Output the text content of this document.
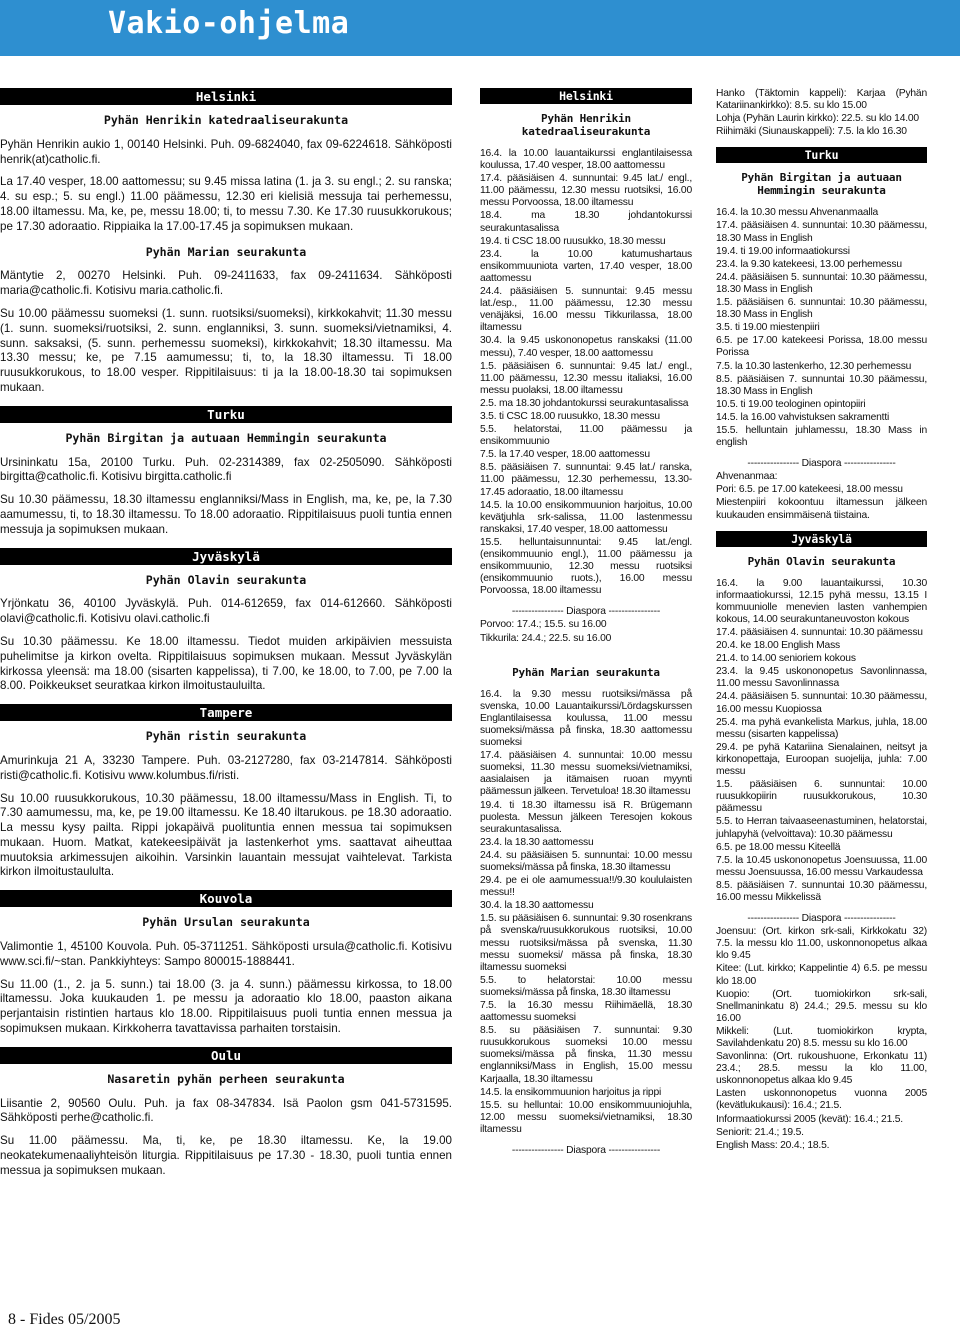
Vakio-ohjelma
Helsinki
Pyhän Henrikin katedraaliseurakunta

Pyhän Henrikin aukio 1, 00140 Helsinki. Puh. 09-6824040, fax 09-6224618. Sähköposti henrik(at)catholic.fi.

La 17.40 vesper, 18.00 aattomessu; su 9.45 missa latina (1. ja 3. su engl.; 2. su ranska; 4. su esp.; 5. su engl.) 11.00 päämessu, 12.30 eri kielisiä messuja tai perhemessu, 18.00 iltamessu. Ma, ke, pe, messu 18.00; ti, to messu 7.30. Ke 17.30 ruusukkorukous; pe 17.30 adoraatio. Rippiaika la 17.00-17.45 ja sopimuksen mukaan.

Pyhän Marian seurakunta

Mäntytie 2, 00270 Helsinki. Puh. 09-2411633, fax 09-2411634. Sähköposti maria@catholic.fi. Kotisivu maria.catholic.fi.

Su 10.00 päämessu suomeksi (1. sunn. ruotsiksi/suomeksi), kirkkokahvit; 11.30 messu (1. sunn. suomeksi/ruotsiksi, 2. sunn. englanniksi, 3. sunn. suomeksi/vietnamiksi, 4. sunn. saksaksi, (5. sunn. perhemessu suomeksi), kirkkokahvit; 18.30 iltamessu. Ma 13.30 messu; ke, pe 7.15 aamumessu; ti, to, la 18.30 iltamessu. Ti 18.00 ruusukkorukous, to 18.00 vesper. Rippitilaisuus: ti ja la 18.00-18.30 tai sopimuksen mukaan.

Turku
Pyhän Birgitan ja autuaan Hemmingin seurakunta

Ursininkatu 15a, 20100 Turku. Puh. 02-2314389, fax 02-2505090. Sähköposti birgitta@catholic.fi. Kotisivu birgitta.catholic.fi

Su 10.30 päämessu, 18.30 iltamessu englanniksi/Mass in English, ma, ke, pe, la 7.30 aamumessu, ti, to 18.30 iltamessu. To 18.00 adoraatio. Rippitilaisuus puoli tuntia ennen messuja ja sopimuksen mukaan.

Jyväskylä
Pyhän Olavin seurakunta

Yrjönkatu 36, 40100 Jyväskylä. Puh. 014-612659, fax 014-612660. Sähköposti olavi@catholic.fi. Kotisivu olavi.catholic.fi

Su 10.30 päämessu. Ke 18.00 iltamessu. Tiedot muiden arkipäivien messuista puhelimitse ja kirkon ovelta. Rippitilaisuus sopimuksen mukaan. Messut Jyväskylän kirkossa yleensä: ma 18.00 (sisarten kappelissa), ti 7.00, ke 18.00, to 7.00, pe 7.00 la 8.00. Poikkeukset seuratkaa kirkon ilmoitustauluilta.

Tampere
Pyhän ristin seurakunta

Amurinkuja 21 A, 33230 Tampere. Puh. 03-2127280, fax 03-2147814. Sähköposti risti@catholic.fi. Kotisivu www.kolumbus.fi/risti.

Su 10.00 ruusukkorukous, 10.30 päämessu, 18.00 iltamessu/Mass in English. Ti, to 7.30 aamumessu, ma, ke, pe 19.00 iltamessu. Ke 18.40 iltarukous. pe 18.30 adoraatio. La messu kysy pailta. Rippi jokapäivä puolituntia ennen messua tai sopimuksen mukaan. Huom. Matkat, katekeesipäivät ja lastenkerhot yms. saattavat aiheuttaa muutoksia arkimessujen aikoihin. Varsinkin lauantain messujat vaihtelevat. Tarkista kirkon ilmoitustaululta.

Kouvola
Pyhän Ursulan seurakunta

Valimontie 1, 45100 Kouvola. Puh. 05-3711251. Sähköposti ursula@catholic.fi. Kotisivu www.sci.fi/~stan. Pankkiyhteys: Sampo 800015-1888441.

Su 11.00 (1., 2. ja 5. sunn.) tai 18.00 (3. ja 4. sunn.) päämessu kirkossa, to 18.00 iltamessu. Joka kuukauden 1. pe messu ja adoraatio klo 18.00, paaston aikana perjantaisin ristintien hartaus klo 18.00. Rippitilaisuus puoli tuntia ennen messua ja sopimuksen mukaan. Kirkkoherra tavattavissa parhaiten torstaisin.

Oulu
Nasaretin pyhän perheen seurakunta

Liisantie 2, 90560 Oulu. Puh. ja fax 08-347834. Isä Paolon gsm 041-5731595. Sähköposti perhe@catholic.fi.

Su 11.00 päämessu. Ma, ti, ke, pe 18.30 iltamessu. Ke, la 19.00 neokatekumenaaliyhteisön liturgia. Rippitilaisuus pe 17.30 - 18.30, puoli tuntia ennen messua ja sopimuksen mukaan.

Helsinki
Pyhän Henrikin katedraaliseurakunta

16.4. la 10.00 lauantaikurssi englantilaisessa koulussa, 17.40 vesper, 18.00 aattomessu

17.4. pääsiäisen 4. sunnuntai: 9.45 lat./ engl., 11.00 päämessu, 12.30 messu ruotsiksi, 16.00 messu Porvoossa, 18.00 iltamessu

18.4. ma 18.30 johdantokurssi seurakuntasalissa

19.4. ti CSC 18.00 ruusukko, 18.30 messu

23.4. la 10.00 katumushartaus ensikommuuniota varten, 17.40 vesper, 18.00 aattomessu

24.4. pääsiäisen 5. sunnuntai: 9.45 messu lat./esp., 11.00 päämessu, 12.30 messu venäjäksi, 16.00 messu Tikkurilassa, 18.00 iltamessu

30.4. la 9.45 uskononopetus ranskaksi (11.00 messu), 7.40 vesper, 18.00 aattomessu

1.5. pääsiäisen 6. sunnuntai: 9.45 lat./ engl., 11.00 päämessu, 12.30 messu italiaksi, 16.00 messu puolaksi, 18.00 iltamessu

2.5. ma 18.30 johdantokurssi seurakuntasalissa

3.5. ti CSC 18.00 ruusukko, 18.30 messu

5.5. helatorstai, 11.00 päämessu ja ensikommuunio

7.5. la 17.40 vesper, 18.00 aattomessu

8.5. pääsiäisen 7. sunnuntai: 9.45 lat./ ranska, 11.00 päämessu, 12.30 perhemessu, 13.30-17.45 adoraatio, 18.00 iltamessu

14.5. la 10.00 ensikommuunion harjoitus, 10.00 kevätjuhla srk-salissa, 11.00 lastenmessu ranskaksi, 17.40 vesper, 18.00 aattomessu

15.5. helluntaisunnuntai: 9.45 lat./engl. (ensikommuunio engl.), 11.00 päämessu ja ensikommuunio, 12.30 messu ruotsiksi (ensikommuunio ruots.), 16.00 messu Porvoossa, 18.00 iltamessu

---------------- Diaspora ----------------

Porvoo: 17.4.; 15.5. su 16.00

Tikkurila: 24.4.; 22.5. su 16.00

Pyhän Marian seurakunta

16.4. la 9.30 messu ruotsiksi/mässa på svenska, 10.00 Lauantaikurssi/Lördagskurssen Englantilaisessa koulussa, 11.00 messu suomeksi/mässa på finska, 18.30 aattomessu suomeksi

17.4. pääsiäisen 4. sunnuntai: 10.00 messu suomeksi, 11.30 messu suomeksi/vietnamiksi, aasialaisen ja itämaisen ruoan myynti päämessun jälkeen. Tervetuloa! 18.30 iltamessu

19.4. ti 18.30 iltamessu isä R. Brügemann puolesta. Messun jälkeen Teresojen kokous seurakuntasalissa.

23.4. la 18.30 aattomessu

24.4. su pääsiäisen 5. sunnuntai: 10.00 messu suomeksi/mässa på finska, 18.30 iltamessu

29.4. pe ei ole aamumessua!!/9.30 koululaisten messu!!

30.4. la 18.30 aattomessu

1.5. su pääsiäisen 6. sunnuntai: 9.30 rosenkrans på svenska/ruusukkorukous ruotsiksi, 10.00 messu ruotsiksi/mässa på svenska, 11.30 messu suomeksi/ mässa på finska, 18.30 iltamessu suomeksi

5.5. to helatorstai: 10.00 messu suomeksi/mässa på finska, 18.30 iltamessu

7.5. la 16.30 messu Riihimäellä, 18.30 aattomessu suomeksi

8.5. su pääsiäisen 7. sunnuntai: 9.30 ruusukkorukous suomeksi 10.00 messu suomeksi/mässa på finska, 11.30 messu englanniksi/Mass in English, 15.00 messu Karjaalla, 18.30 iltamessu

14.5. la ensikommuunion harjoitus ja rippi

15.5. su helluntai: 10.00 ensikommuuniojuhla, 12.00 messu suomeksi/vietnamiksi, 18.30 iltamessu

---------------- Diaspora ----------------

Hanko (Täktomin kappeli): Karjaa (Pyhän Katariinankirkko): 8.5. su klo 15.00

Lohja (Pyhän Laurin kirkko): 22.5. su klo 14.00

Riihimäki (Siunauskappeli): 7.5. la klo 16.30

Turku
Pyhän Birgitan ja autuaan Hemmingin seurakunta

16.4. la 10.30 messu Ahvenanmaalla

17.4. pääsiäisen 4. sunnuntai: 10.30 päämessu, 18.30 Mass in English

19.4. ti 19.00 informaatiokurssi

23.4. la 9.30 katekeesi, 13.00 perhemessu

24.4. pääsiäisen 5. sunnuntai: 10.30 päämessu, 18.30 Mass in English

1.5. pääsiäisen 6. sunnuntai: 10.30 päämessu, 18.30 Mass in English

3.5. ti 19.00 miestenpiiri

6.5. pe 17.00 katekeesi Porissa, 18.00 messu Porissa

7.5. la 10.30 lastenkerho, 12.30 perhemessu

8.5. pääsiäisen 7. sunnuntai 10.30 päämessu, 18.30 Mass in English

10.5. ti 19.00 teologinen opintopiiri

14.5. la 16.00 vahvistuksen sakramentti

15.5. helluntain juhlamessu, 18.30 Mass in english

---------------- Diaspora ----------------

Ahvenanmaa:

Pori: 6.5. pe 17.00 katekeesi, 18.00 messu

Miestenpiiri kokoontuu iltamessun jälkeen kuukauden ensimmäisenä tiistaina.

Jyväskylä
Pyhän Olavin seurakunta

16.4. la 9.00 lauantaikurssi, 10.30 informaatiokurssi, 12.15 pyhä messu, 13.15 I kommuuniolle menevien lasten vanhempien kokous, 14.00 seurakuntaneuvoston kokous

17.4. pääsiäisen 4. sunnuntai: 10.30 päämessu

20.4. ke 18.00 English Mass

21.4. to 14.00 senioriem kokous

23.4. la 9.45 uskononopetus Savonlinnassa, 11.00 messu Savonlinnassa

24.4. pääsiäisen 5. sunnuntai: 10.30 päämessu, 16.00 messu Kuopiossa

25.4. ma pyhä evankelista Markus, juhla, 18.00 messu (sisarten kappelissa)

29.4. pe pyhä Katariina Sienalainen, neitsyt ja kirkonopettaja, Euroopan suojelija, juhla: 7.00 messu

1.5. pääsiäisen 6. sunnuntai: 10.00 ruusukkopiirin ruusukkorukous, 10.30 päämessu

5.5. to Herran taivaaseenastuminen, helatorstai, juhlapyhä (velvoittava): 10.30 päämessu

6.5. pe 18.00 messu Kiteellä

7.5. la 10.45 uskononopetus Joensuussa, 11.00 messu Joensuussa, 16.00 messu Varkaudessa

8.5. pääsiäisen 7. sunnuntai 10.30 päämessu, 16.00 messu Mikkelissä

---------------- Diaspora ----------------

Joensuu: (Ort. kirkon srk-sali, Kirkkokatu 32) 7.5. la messu klo 11.00, uskonnonopetus alkaa klo 9.45

Kitee: (Lut. kirkko; Kappelintie 4) 6.5. pe messu klo 18.00

Kuopio: (Ort. tuomiokirkon srk-sali, Snellmaninkatu 8) 24.4.; 29.5. messu su klo 16.00

Mikkeli: (Lut. tuomiokirkon krypta, Savilahdenkatu 20) 8.5. messu su klo 16.00

Savonlinna: (Ort. rukoushuone, Erkonkatu 11) 23.4.; 28.5. messu la klo 11.00, uskonnonopetus alkaa klo 9.45

Lasten uskonnonopetus vuonna 2005 (kevätlukukausi): 16.4.; 21.5.

Informaatiokurssi 2005 (kevät): 16.4.; 21.5.

Seniorit: 21.4.; 19.5.

English Mass: 20.4.; 18.5.

8 - Fides 05/2005
